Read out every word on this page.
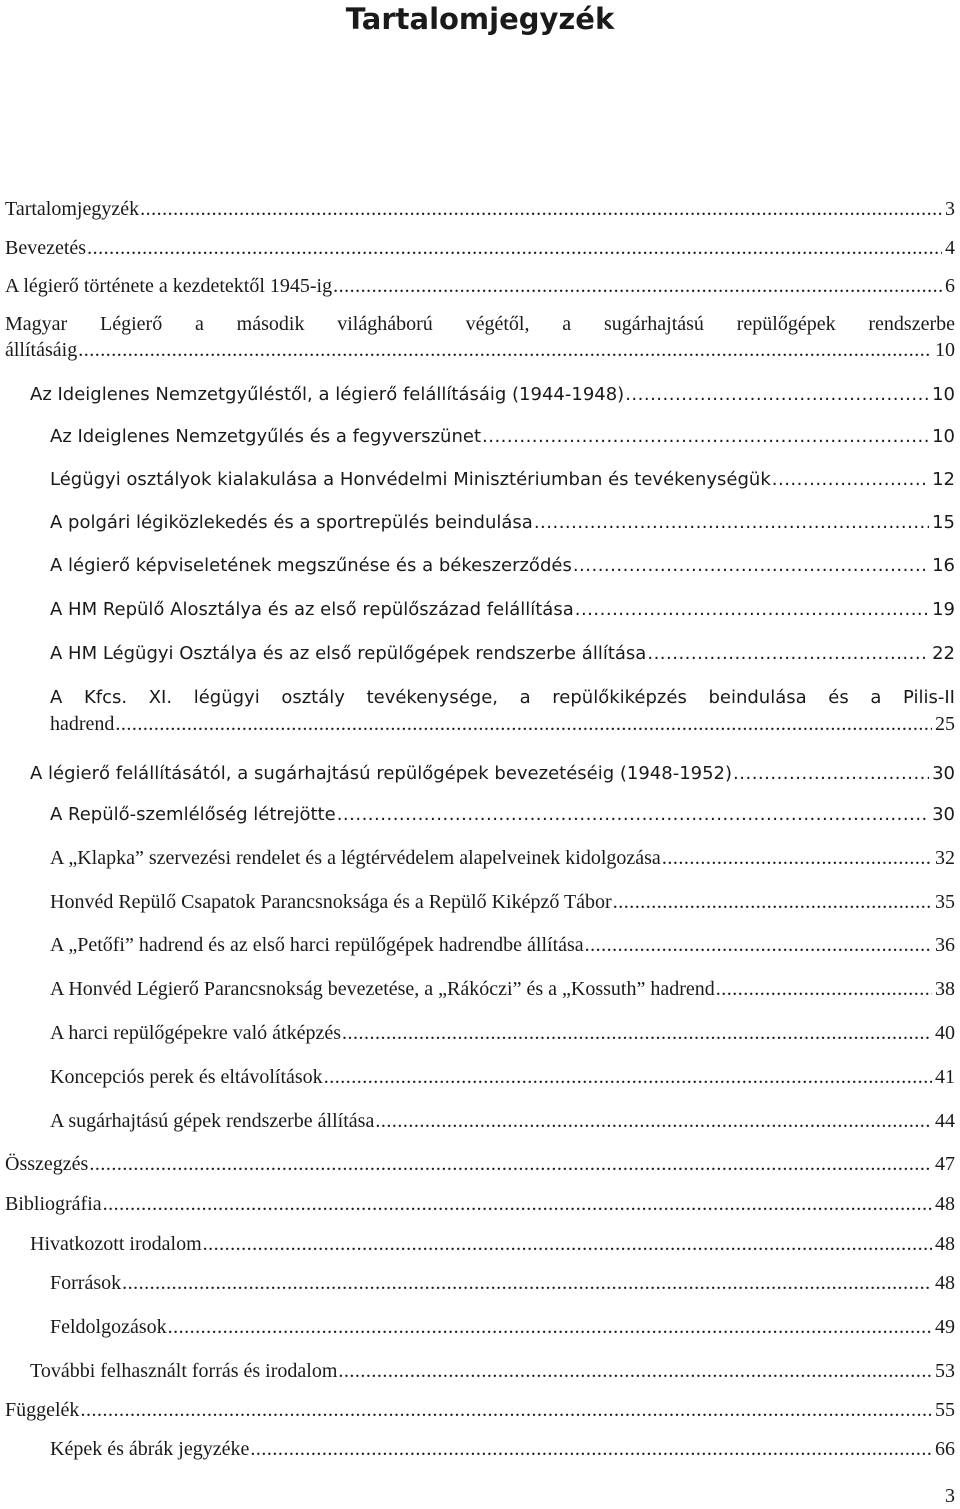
Tartalomjegyzék
Tartalomjegyzék .....	3
Bevezetés .....	4
A légierő története a kezdetektől 1945-ig .....	6
Magyar Légierő a második világháború végétől, a sugárhajtású repülőgépek rendszerbe
állításáig .....	10
Az Ideiglenes Nemzetgyűléstől, a légierő felállításáig (1944-1948) .....	10
Az Ideiglenes Nemzetgyűlés és a fegyverszünet .....	10
Légügyi osztályok kialakulása a Honvédelmi Minisztériumban és tevékenységük .....	12
A polgári légiközlekedés és a sportrepülés beindulása .....	15
A légierő képviseletének megszűnése és a békeszerződés .....	16
A HM Repülő Alosztálya és az első repülőszázad felállítása .....	19
A HM Légügyi Osztálya és az első repülőgépek rendszerbe állítása .....	22
A Kfcs. XI. légügyi osztály tevékenysége, a repülőkiképzés beindulása és a Pilis-II
hadrend .....	25
A légierő felállításától, a sugárhajtású repülőgépek bevezetéséig (1948-1952) .....	30
A Repülő-szemlélőség létrejötte .....	30
A „Klapka” szervezési rendelet és a légtérvédelem alapelveinek kidolgozása .....	32
Honvéd Repülő Csapatok Parancsnoksága és a Repülő Kiképző Tábor .....	35
A „Petőfi” hadrend és az első harci repülőgépek hadrendbe állítása .....	36
A Honvéd Légierő Parancsnokság bevezetése, a „Rákóczi” és a „Kossuth” hadrend .....	38
A harci repülőgépekre való átképzés .....	40
Koncepciós perek és eltávolítások .....	41
A sugárhajtású gépek rendszerbe állítása .....	44
Összegzés .....	47
Bibliográfia .....	48
Hivatkozott irodalom .....	48
Források .....	48
Feldolgozások .....	49
További felhasznált forrás és irodalom .....	53
Függelék .....	55
Képek és ábrák jegyzéke .....	66

3
